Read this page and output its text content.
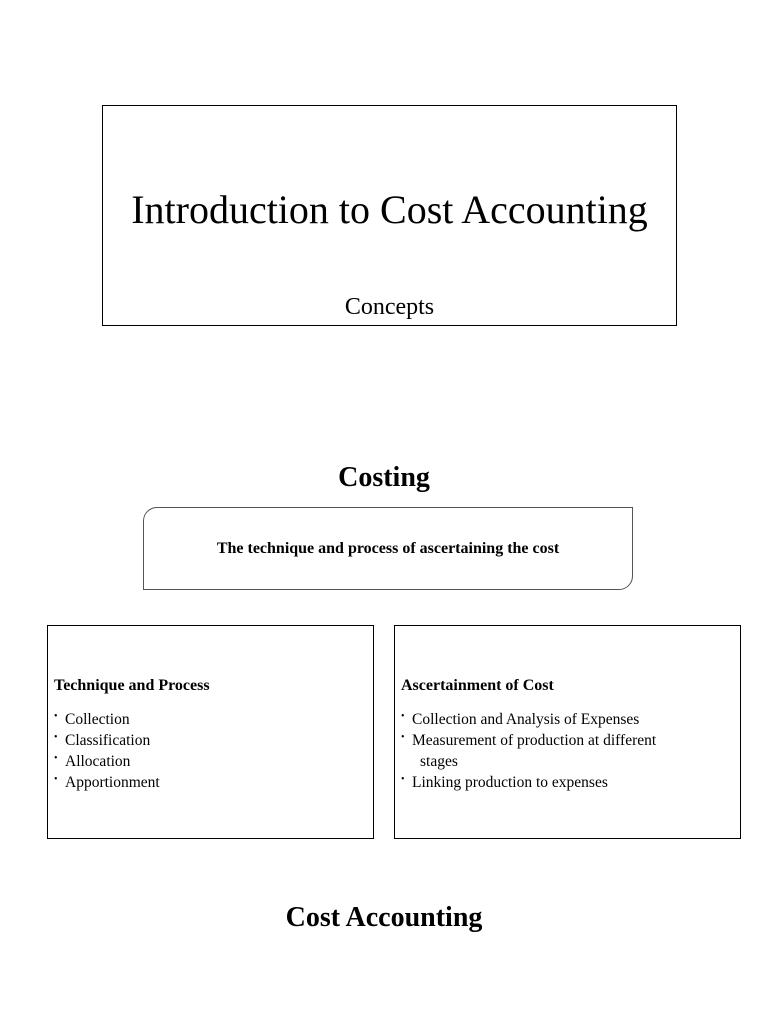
Introduction to Cost Accounting
Concepts
Costing
The technique and process of ascertaining the cost
Technique and Process
• Collection
• Classification
• Allocation
• Apportionment
Ascertainment of Cost
• Collection and Analysis of Expenses
• Measurement of production at different
stages
• Linking production to expenses
Cost Accounting
